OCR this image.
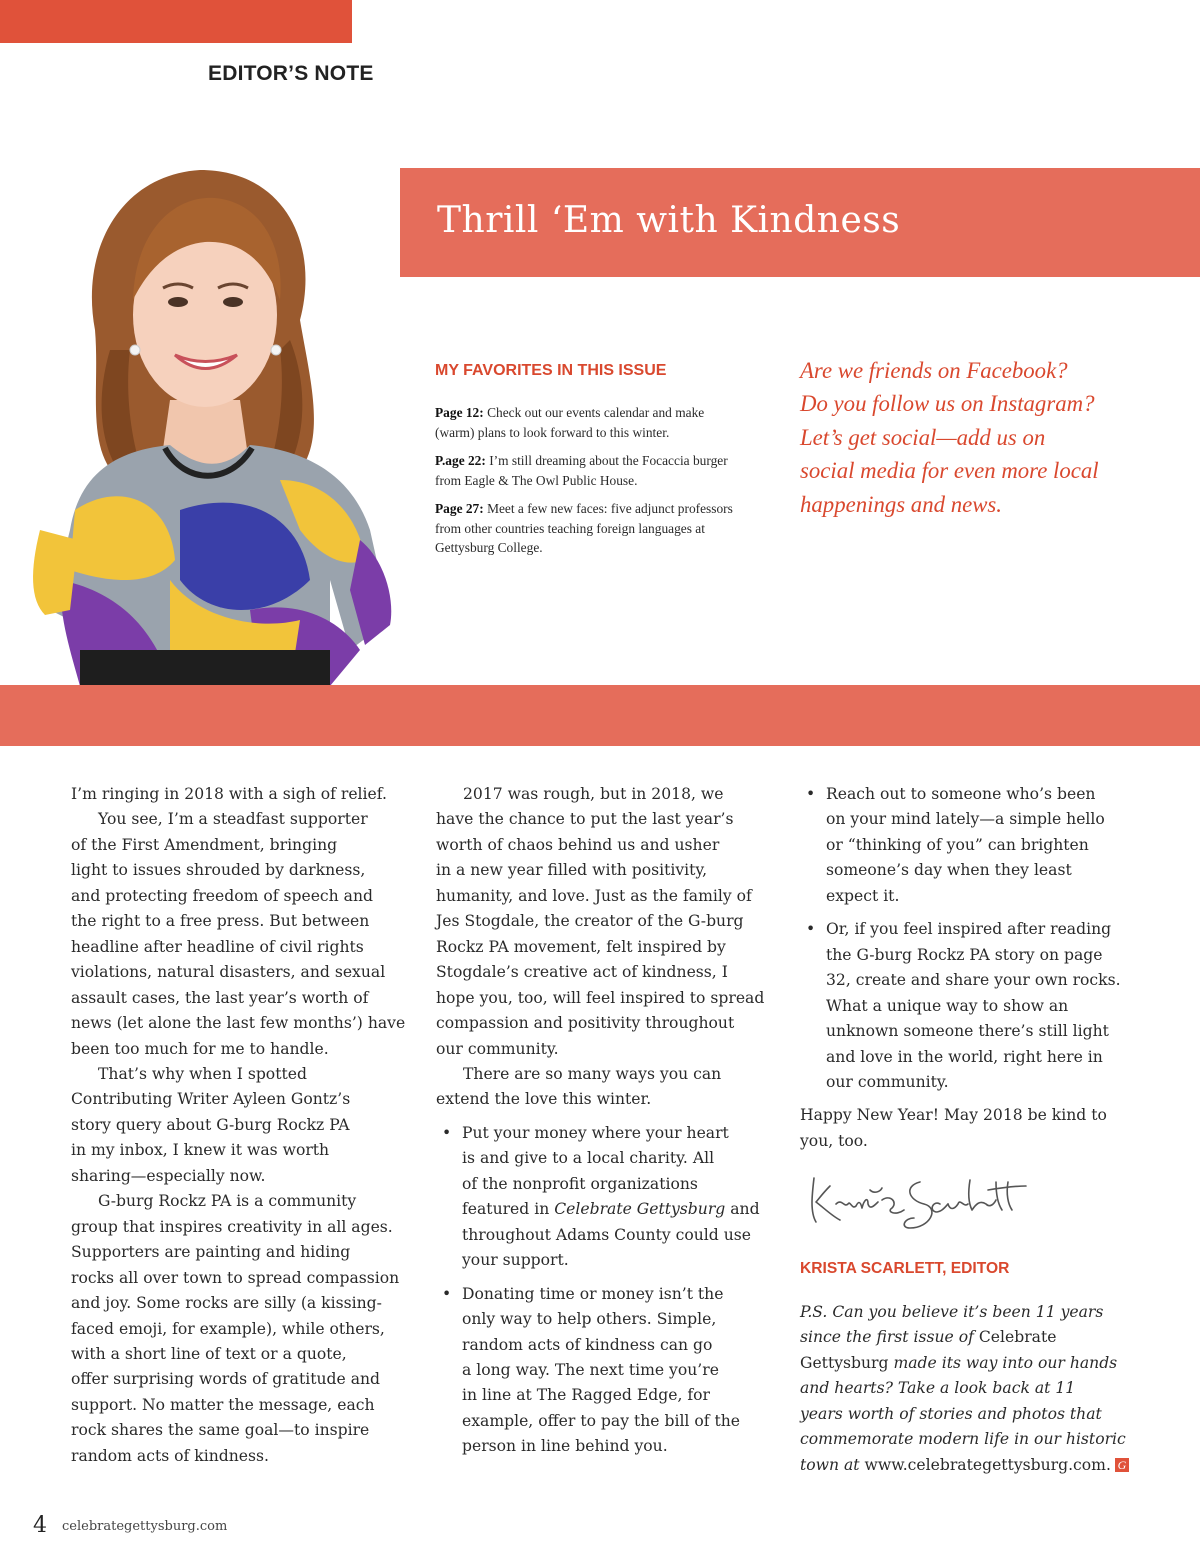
EDITOR’S NOTE
Thrill ‘Em with Kindness
MY FAVORITES IN THIS ISSUE
Page 12: Check out our events calendar and make
(warm) plans to look forward to this winter.
P.age 22: I’m still dreaming about the Focaccia burger
from Eagle & The Owl Public House.
Page 27: Meet a few new faces: five adjunct professors
from other countries teaching foreign languages at
Gettysburg College.
Are we friends on Facebook?
Do you follow us on Instagram?
Let’s get social—add us on
social media for even more local
happenings and news.

I’m ringing in 2018 with a sigh of relief.

You see, I’m a steadfast supporter

of the First Amendment, bringing

light to issues shrouded by darkness,

and protecting freedom of speech and

the right to a free press. But between

headline after headline of civil rights

violations, natural disasters, and sexual

assault cases, the last year’s worth of

news (let alone the last few months’) have

been too much for me to handle.

That’s why when I spotted

Contributing Writer Ayleen Gontz’s

story query about G-burg Rockz PA

in my inbox, I knew it was worth

sharing—especially now.

G-burg Rockz PA is a community

group that inspires creativity in all ages.

Supporters are painting and hiding

rocks all over town to spread compassion

and joy. Some rocks are silly (a kissing-

faced emoji, for example), while others,

with a short line of text or a quote,

offer surprising words of gratitude and

support. No matter the message, each

rock shares the same goal—to inspire

random acts of kindness.

2017 was rough, but in 2018, we

have the chance to put the last year’s

worth of chaos behind us and usher

in a new year filled with positivity,

humanity, and love. Just as the family of

Jes Stogdale, the creator of the G-burg

Rockz PA movement, felt inspired by

Stogdale’s creative act of kindness, I

hope you, too, will feel inspired to spread

compassion and positivity throughout

our community.

There are so many ways you can

extend the love this winter.

• Put your money where your heart
is and give to a local charity. All
of the nonprofit organizations
featured in Celebrate Gettysburg and
throughout Adams County could use
your support.
• Donating time or money isn’t the
only way to help others. Simple,
random acts of kindness can go
a long way. The next time you’re
in line at The Ragged Edge, for
example, offer to pay the bill of the
person in line behind you.
• Reach out to someone who’s been
on your mind lately—a simple hello
or “thinking of you” can brighten
someone’s day when they least
expect it.
• Or, if you feel inspired after reading
the G-burg Rockz PA story on page
32, create and share your own rocks.
What a unique way to show an
unknown someone there’s still light
and love in the world, right here in
our community.

Happy New Year! May 2018 be kind to

you, too.

Krista Scarlett
KRISTA SCARLETT, EDITOR

P.S. Can you believe it’s been 11 years

since the first issue of Celebrate

Gettysburg made its way into our hands

and hearts? Take a look back at 11

years worth of stories and photos that

commemorate modern life in our historic

town at www.celebrategettysburg.com. G

4 celebrategettysburg.com
